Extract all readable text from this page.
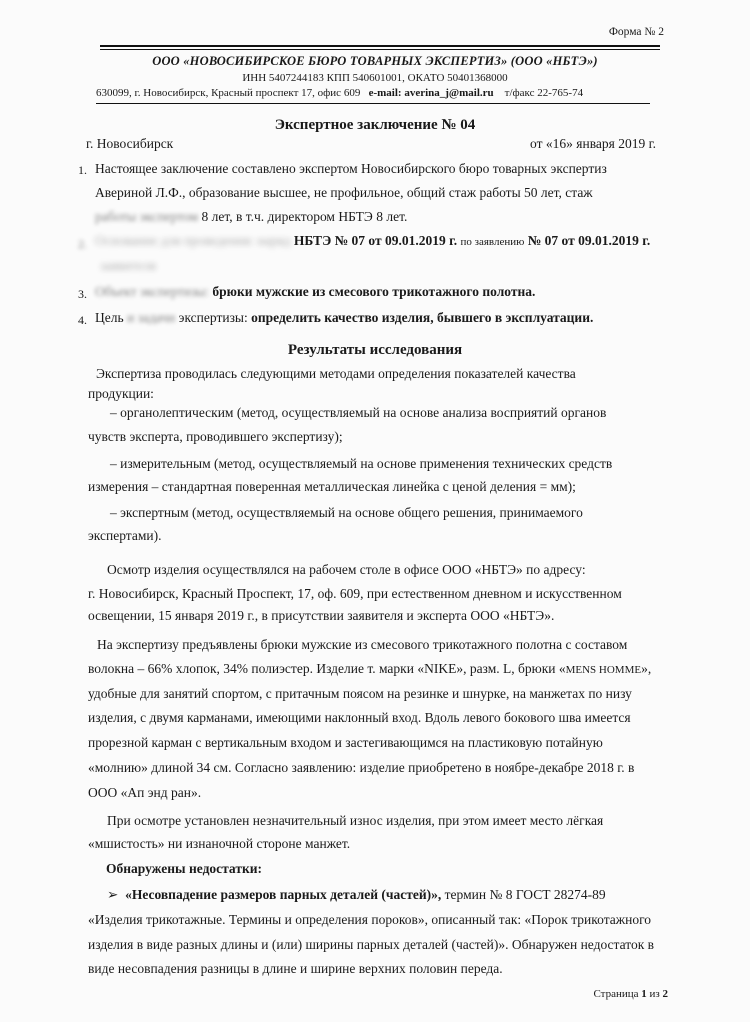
Форма № 2
ООО «НОВОСИБИРСКОЕ БЮРО ТОВАРНЫХ ЭКСПЕРТИЗ» (ООО «НБТЭ»)
ИНН 5407244183 КПП 540601001, ОКАТО 50401368000
630099, г. Новосибирск, Красный проспект 17, офис 609 e-mail: averina_j@mail.ru т/факс 22-765-74
Экспертное заключение № 04
г. Новосибирск	от «16» января 2019 г.
1. Настоящее заключение составлено экспертом Новосибирского бюро товарных экспертиз
Авериной Л.Ф., образование высшее, не профильное, общий стаж работы 50 лет, стаж
работы экспертом 8 лет, в т.ч. директором НБТЭ 8 лет.
2. Основание для проведения: наряд НБТЭ № 07 от 09.01.2019 г. по заявлению № 07 от 09.01.2019 г.
заявителя
3. Объект экспертизы: брюки мужские из смесового трикотажного полотна.
4. Цель и задачи экспертизы: определить качество изделия, бывшего в эксплуатации.
Результаты исследования
Экспертиза проводилась следующими методами определения показателей качества
продукции:
– органолептическим (метод, осуществляемый на основе анализа восприятий органов
чувств эксперта, проводившего экспертизу);
– измерительным (метод, осуществляемый на основе применения технических средств
измерения – стандартная поверенная металлическая линейка с ценой деления = мм);
– экспертным (метод, осуществляемый на основе общего решения, принимаемого
экспертами).
Осмотр изделия осуществлялся на рабочем столе в офисе ООО «НБТЭ» по адресу:
г. Новосибирск, Красный Проспект, 17, оф. 609, при естественном дневном и искусственном
освещении, 15 января 2019 г., в присутствии заявителя и эксперта ООО «НБТЭ».
На экспертизу предъявлены брюки мужские из смесового трикотажного полотна с составом
волокна – 66% хлопок, 34% полиэстер. Изделие т. марки «NIKE», разм. L, брюки «MENS HOMME»,
удобные для занятий спортом, с притачным поясом на резинке и шнурке, на манжетах по низу
изделия, с двумя карманами, имеющими наклонный вход. Вдоль левого бокового шва имеется
прорезной карман с вертикальным входом и застегивающимся на пластиковую потайную
«молнию» длиной 34 см. Согласно заявлению: изделие приобретено в ноябре-декабре 2018 г. в
ООО «Ап энд ран».
При осмотре установлен незначительный износ изделия, при этом имеет место лёгкая
«мшистость» ни изнаночной стороне манжет.
Обнаружены недостатки:
➢ «Несовпадение размеров парных деталей (частей)», термин № 8 ГОСТ 28274-89
«Изделия трикотажные. Термины и определения пороков», описанный так: «Порок трикотажного
изделия в виде разных длины и (или) ширины парных деталей (частей)». Обнаружен недостаток в
виде несовпадения разницы в длине и ширине верхних половин переда.
Страница 1 из 2
